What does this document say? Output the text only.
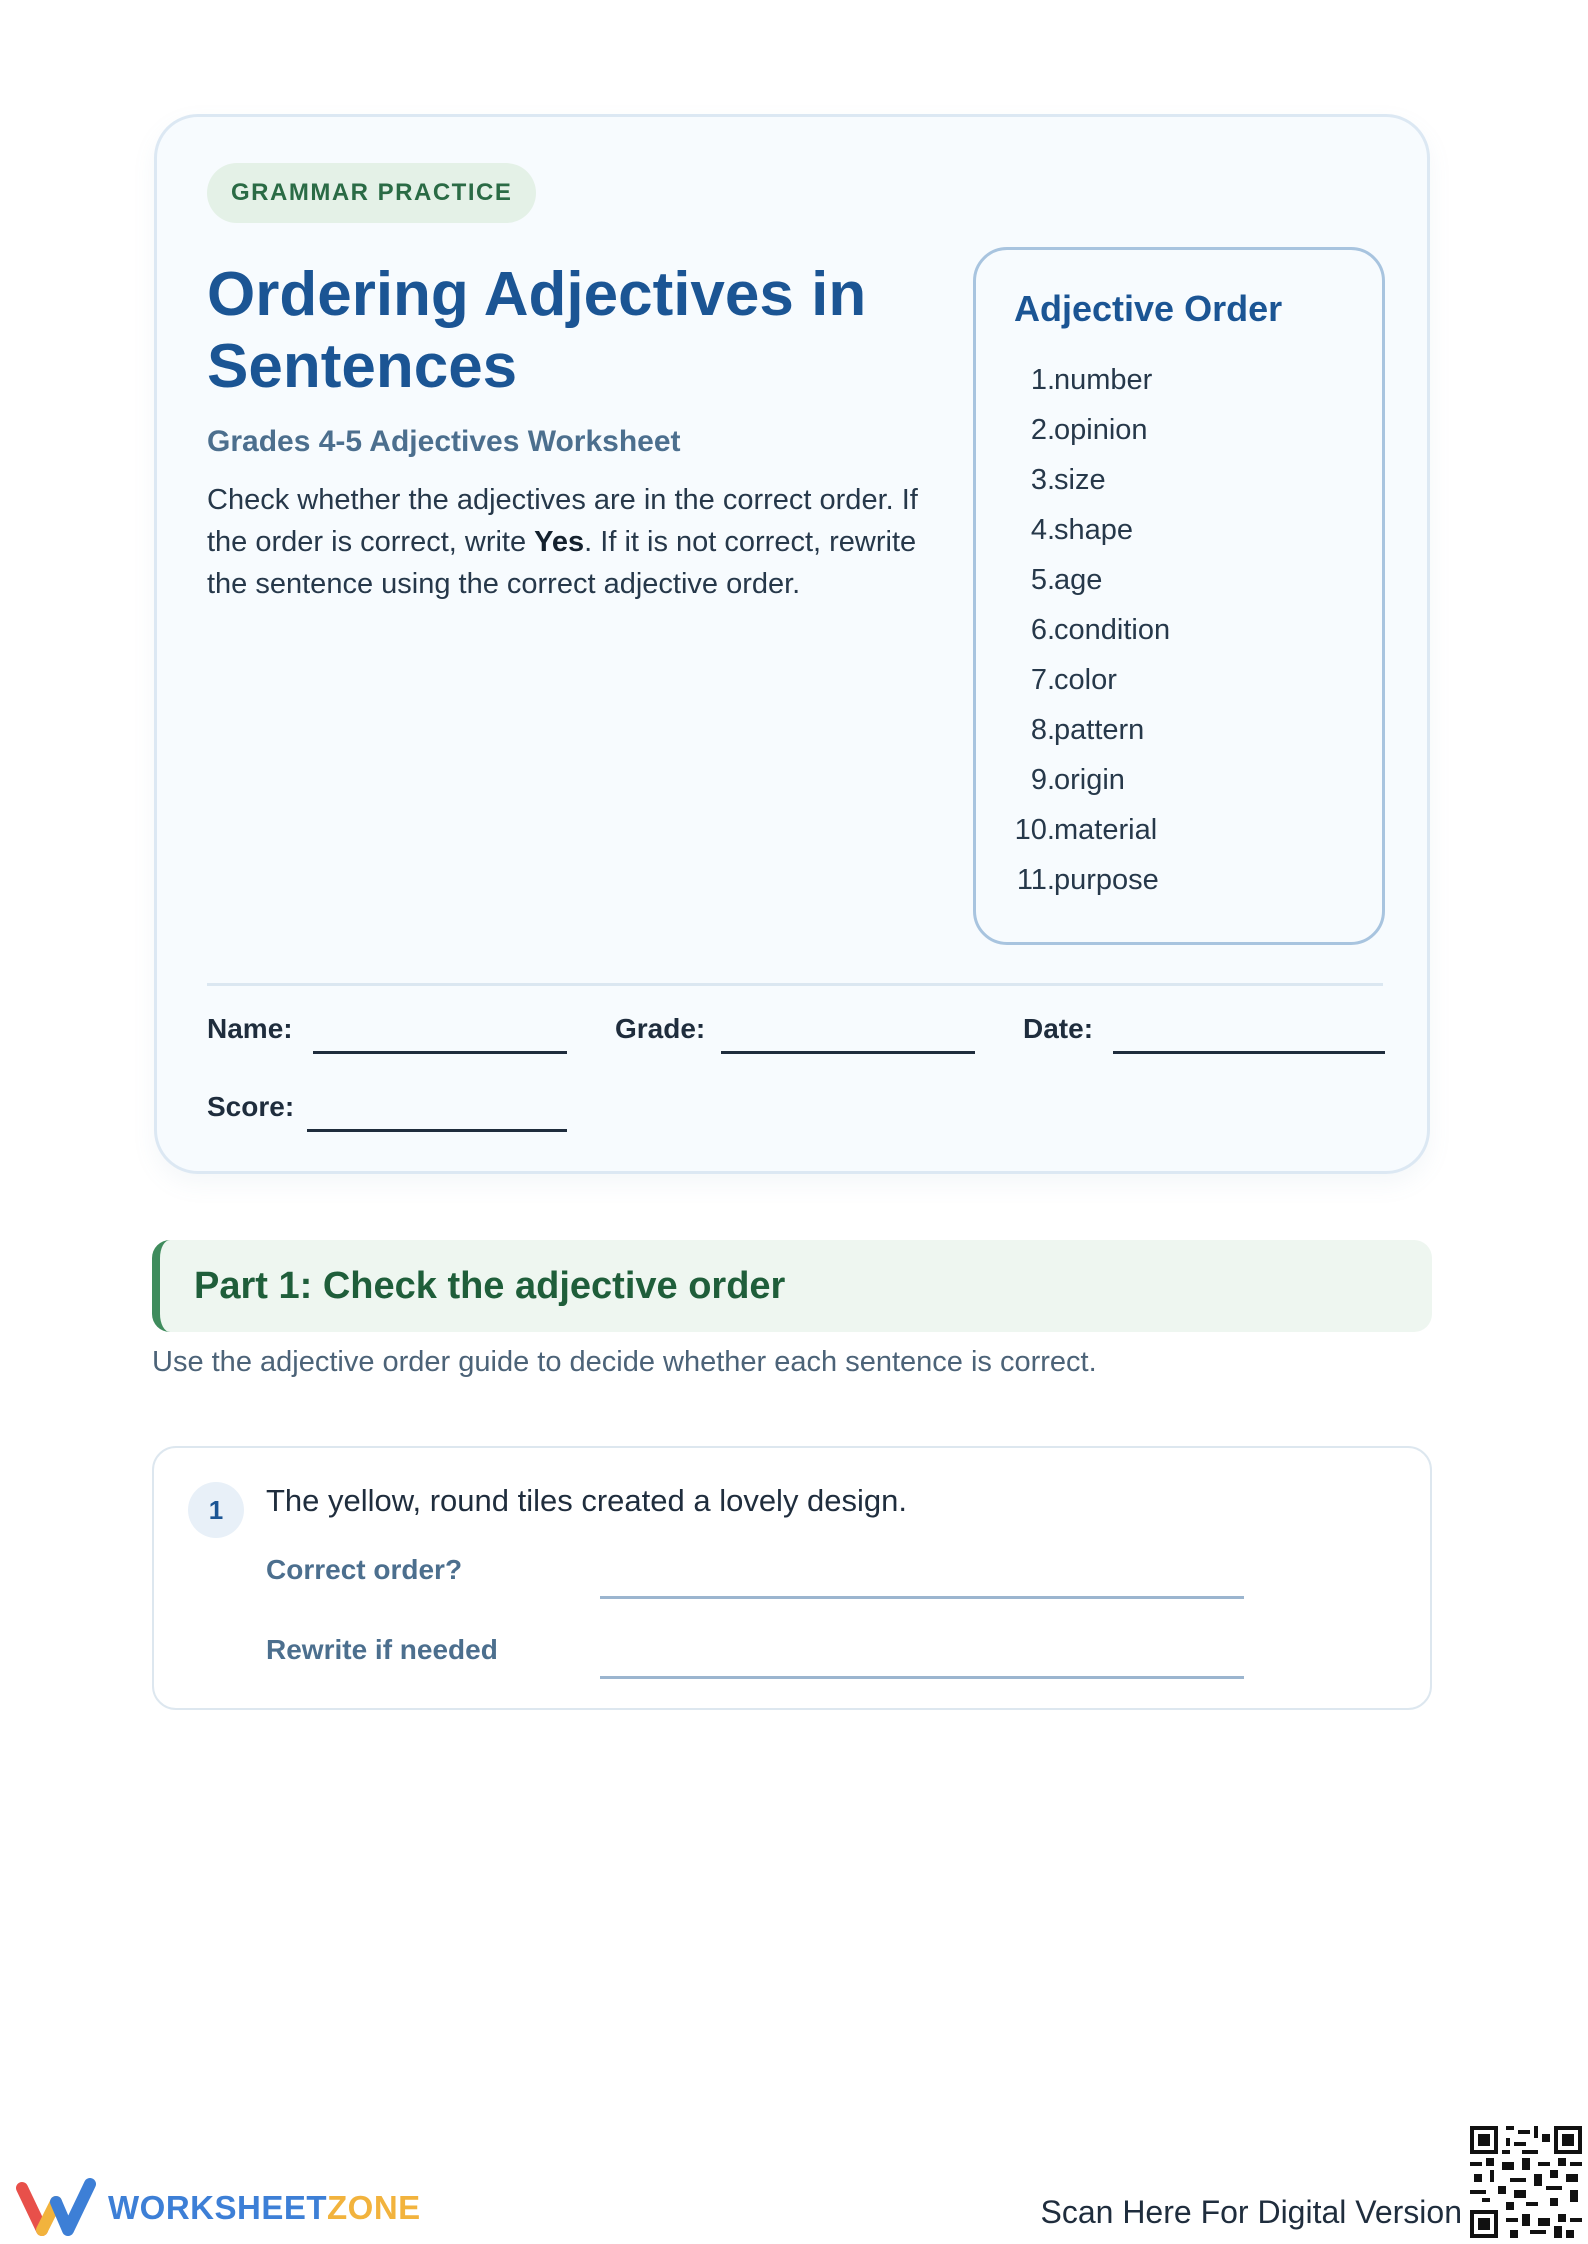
GRAMMAR PRACTICE
Ordering Adjectives in Sentences
Grades 4-5 Adjectives Worksheet
Check whether the adjectives are in the correct order. If the order is correct, write Yes. If it is not correct, rewrite the sentence using the correct adjective order.
Adjective Order
1. number
2. opinion
3. size
4. shape
5. age
6. condition
7. color
8. pattern
9. origin
10. material
11. purpose
Name:	Grade:	Date:
Score:
Part 1: Check the adjective order
Use the adjective order guide to decide whether each sentence is correct.
1	The yellow, round tiles created a lovely design.
Correct order?
Rewrite if needed
WORKSHEETZONE	Scan Here For Digital Version
